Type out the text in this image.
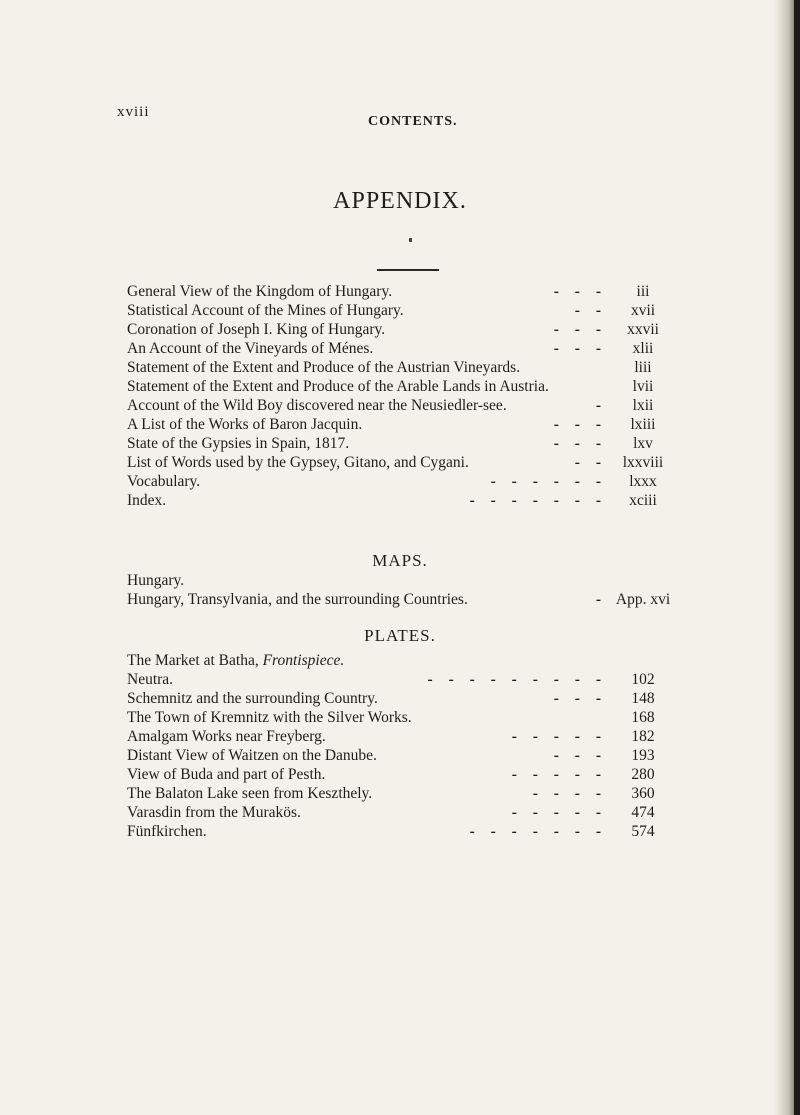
xviii
CONTENTS.
APPENDIX.
General View of the Kingdom of Hungary.	- - -	iii
Statistical Account of the Mines of Hungary.	- -	xvii
Coronation of Joseph I. King of Hungary.	- - -	xxvii
An Account of the Vineyards of Ménes.	- - -	xlii
Statement of the Extent and Produce of the Austrian Vineyards.	liii
Statement of the Extent and Produce of the Arable Lands in Austria.	lvii
Account of the Wild Boy discovered near the Neusiedler-see.	-	lxii
A List of the Works of Baron Jacquin.	- - -	lxiii
State of the Gypsies in Spain, 1817.	- - -	lxv
List of Words used by the Gypsey, Gitano, and Cygani.	- -	lxxviii
Vocabulary.	- - - - - -	lxxx
Index.	- - - - - - -	xciii
MAPS.
Hungary.
Hungary, Transylvania, and the surrounding Countries.	- App. xvi
PLATES.
The Market at Batha, Frontispiece.
Neutra.	- - - - - - - - -	102
Schemnitz and the surrounding Country.	- - -	148
The Town of Kremnitz with the Silver Works.	168
Amalgam Works near Freyberg.	- - - - -	182
Distant View of Waitzen on the Danube.	- - -	193
View of Buda and part of Pesth.	- - - - -	280
The Balaton Lake seen from Keszthely.	- - - -	360
Varasdin from the Murakös.	- - - - -	474
Fünfkirchen.	- - - - - - -	574
